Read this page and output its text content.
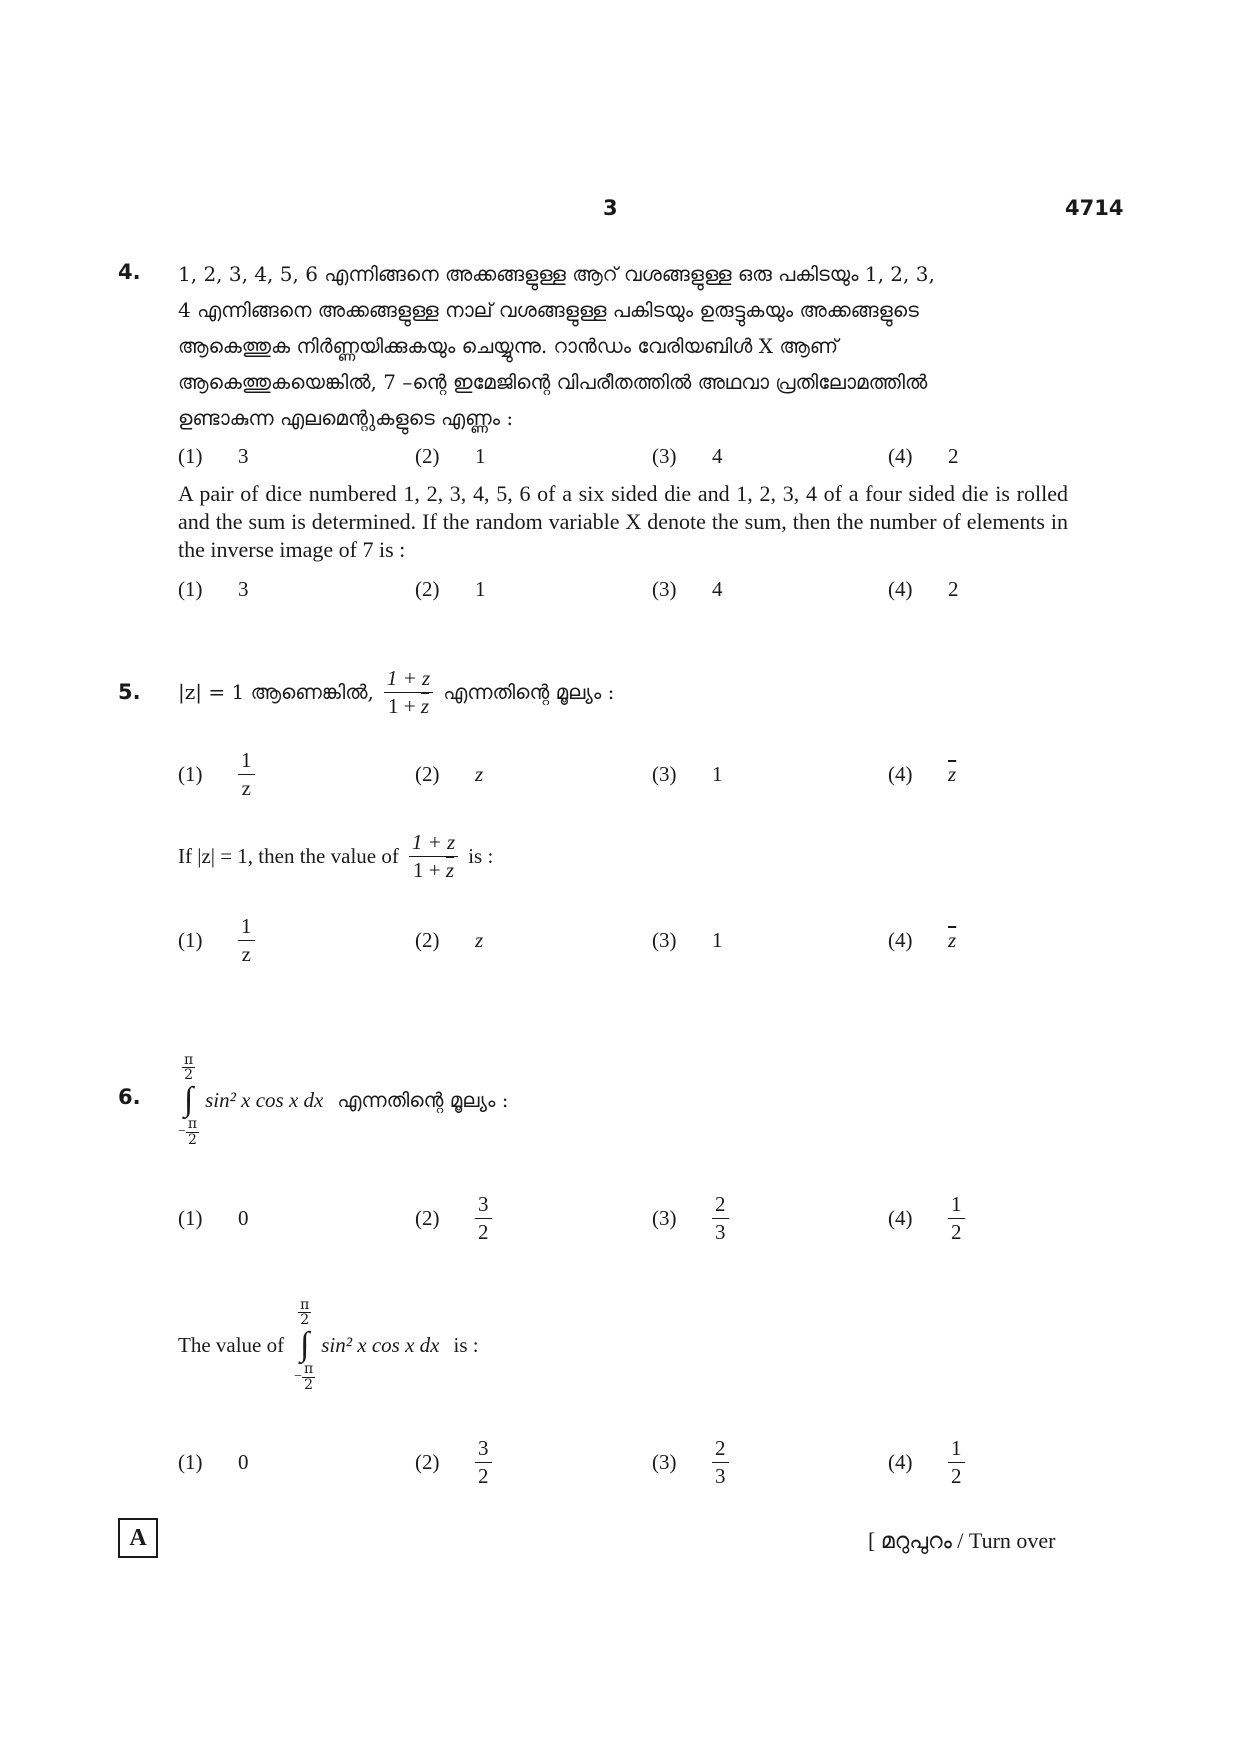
3	4714
4. 1, 2, 3, 4, 5, 6 എന്നിങ്ങനെ അക്കങ്ങളുള്ള ആറ് വശങ്ങളുള്ള ഒരു പകിടയും 1, 2, 3,
4 എന്നിങ്ങനെ അക്കങ്ങളുള്ള നാല് വശങ്ങളുള്ള പകിടയും ഉരുട്ടുകയും അക്കങ്ങളുടെ
ആകെത്തുക നിർണ്ണയിക്കുകയും ചെയ്യുന്നു. റാൻഡം വേരിയബിൾ X ആണ്
ആകെത്തുകയെങ്കിൽ, 7 –ന്റെ ഇമേജിന്റെ വിപരീതത്തിൽ അഥവാ പ്രതിലോമത്തിൽ
ഉണ്ടാകുന്ന എലമെന്റുകളുടെ എണ്ണം :
(1)	3	(2)	1	(3)	4	(4)	2
A pair of dice numbered 1, 2, 3, 4, 5, 6 of a six sided die and 1, 2, 3, 4 of a four sided die is rolled and the sum is determined. If the random variable X denote the sum, then the number of elements in the inverse image of 7 is :
(1)	3	(2)	1	(3)	4	(4)	2
5. |z| = 1 ആണെങ്കിൽ, $\frac{1 + z}{1 + \overline{z}}$ എന്നതിന്റെ മൂല്യം :
(1)	$\frac{1}{z}$	(2)	z	(3)	1	(4)	$\overline{z}$
If |z| = 1, then the value of $\frac{1 + z}{1 + \overline{z}}$ is :
(1)	$\frac{1}{z}$	(2)	z	(3)	1	(4)	$\overline{z}$
6.
$\frac{\pi}{2}$
∫
− $\frac{\pi}{2}$
sin² x cos x dx എന്നതിന്റെ മൂല്യം :
(1)	0	(2)	$\frac{3}{2}$	(3)	$\frac{2}{3}$	(4)	$\frac{1}{2}$
The value of
$\frac{\pi}{2}$
∫
− $\frac{\pi}{2}$
sin² x cos x dx is :
(1)	0	(2)	$\frac{3}{2}$	(3)	$\frac{2}{3}$	(4)	$\frac{1}{2}$
A	[ മറുപുറം / Turn over
